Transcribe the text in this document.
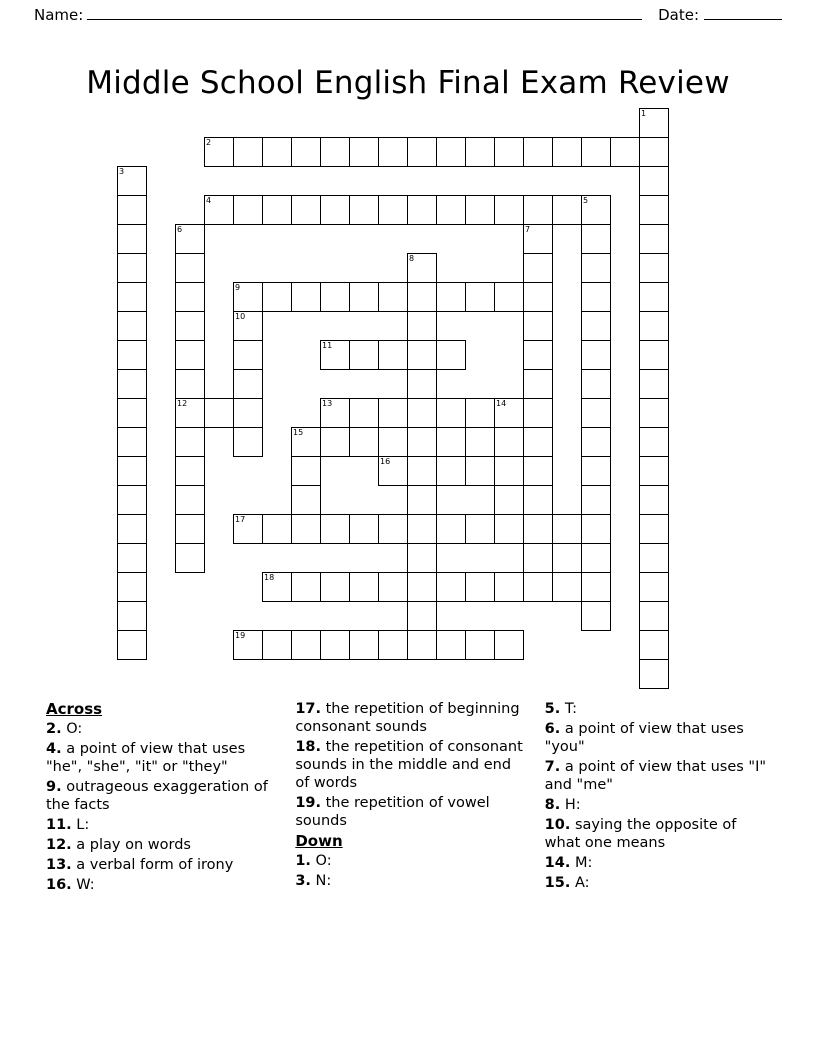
Name:	Date:
Middle School English Final Exam Review
1
2
3
4	5
6	7
8
9
10
11
12	13	14
15
16
17
18
19

Across

2. O:

4. a point of view that uses "he", "she", "it" or "they"

9. outrageous exaggeration of the facts

11. L:

12. a play on words

13. a verbal form of irony

16. W:

17. the repetition of beginning consonant sounds

18. the repetition of consonant sounds in the middle and end of words

19. the repetition of vowel sounds

Down

1. O:

3. N:

5. T:

6. a point of view that uses "you"

7. a point of view that uses "I" and "me"

8. H:

10. saying the opposite of what one means

14. M:

15. A:
